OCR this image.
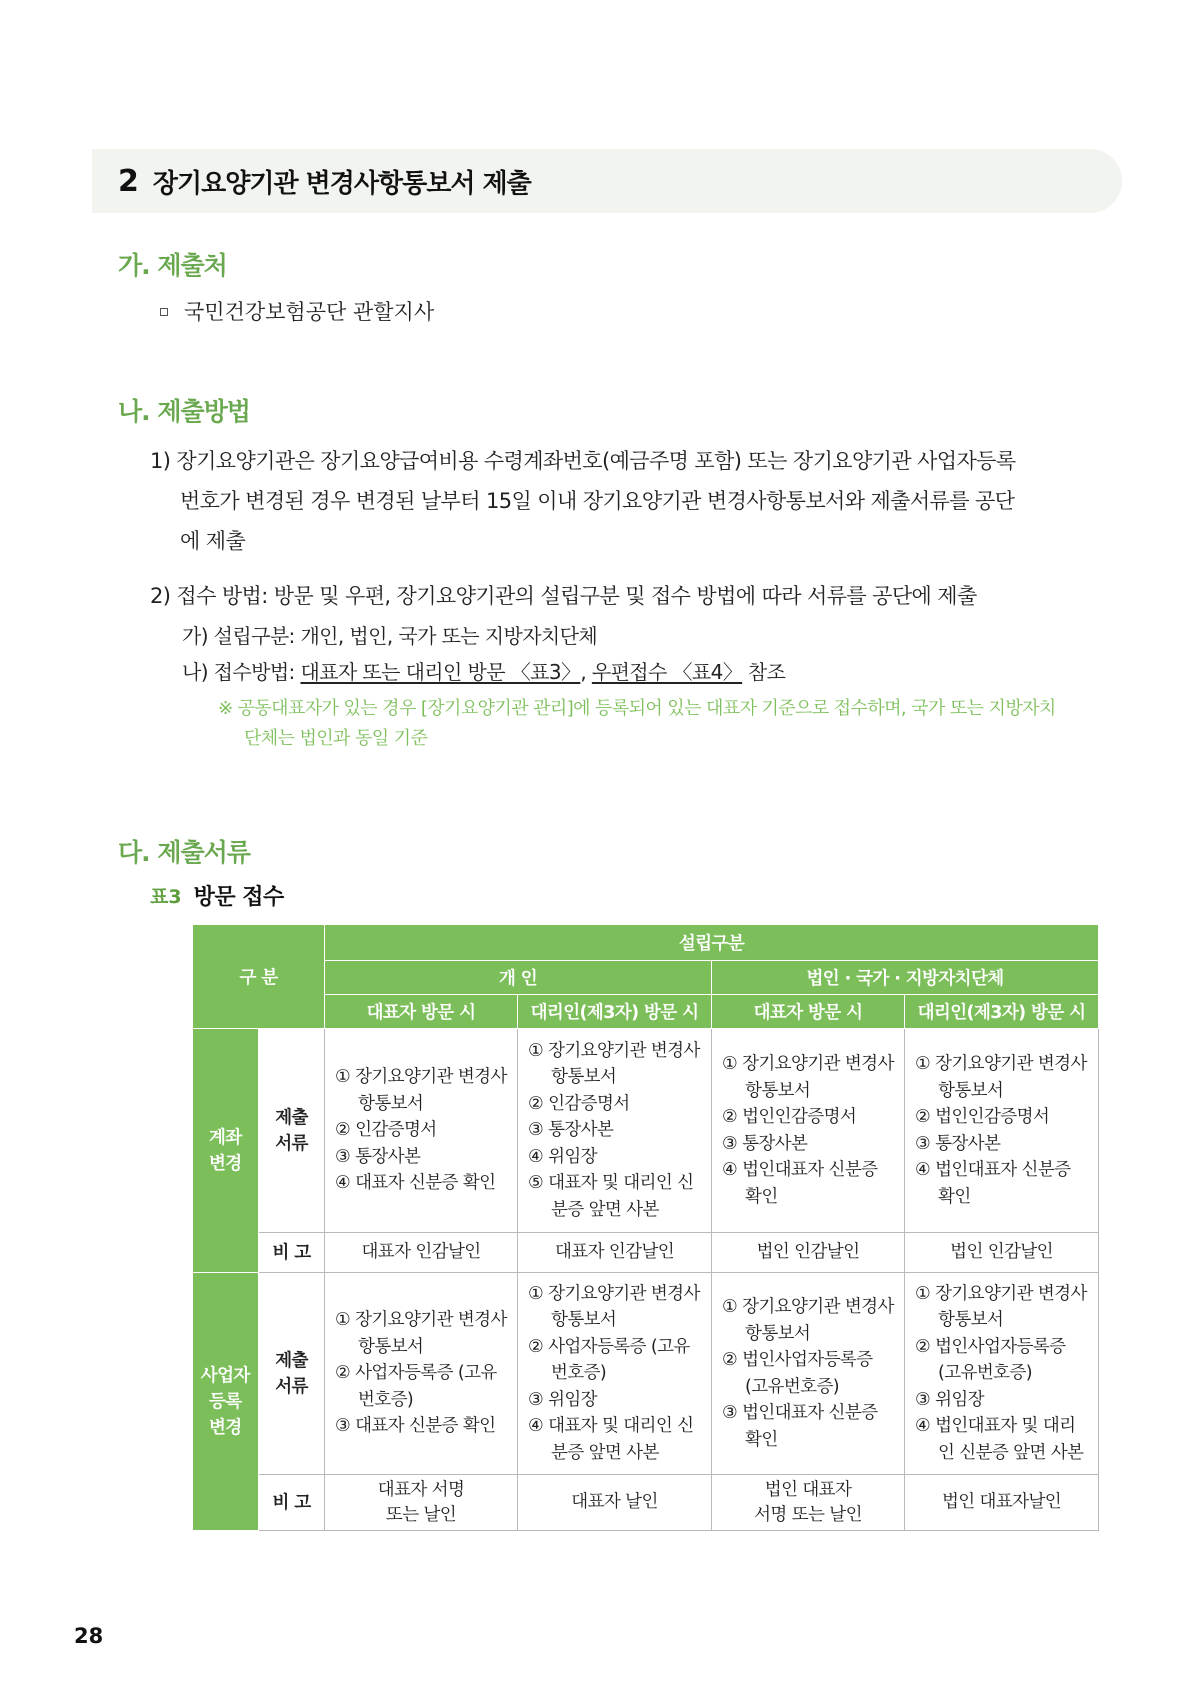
2 장기요양기관 변경사항통보서 제출
가. 제출처
국민건강보험공단 관할지사
나. 제출방법
1) 장기요양기관은 장기요양급여비용 수령계좌번호(예금주명 포함) 또는 장기요양기관 사업자등록
번호가 변경된 경우 변경된 날부터 15일 이내 장기요양기관 변경사항통보서와 제출서류를 공단
에 제출
2) 접수 방법: 방문 및 우편, 장기요양기관의 설립구분 및 접수 방법에 따라 서류를 공단에 제출
가) 설립구분: 개인, 법인, 국가 또는 지방자치단체
나) 접수방법: 대표자 또는 대리인 방문 〈표3〉, 우편접수 〈표4〉 참조
※ 공동대표자가 있는 경우 [장기요양기관 관리]에 등록되어 있는 대표자 기준으로 접수하며, 국가 또는 지방자치
단체는 법인과 동일 기준
다. 제출서류
표3 방문 접수
구 분		설립구분			
		개 인		법인 · 국가 · 지방자치단체	
		대표자 방문 시	대리인(제3자) 방문 시	대표자 방문 시	대리인(제3자) 방문 시

계좌
변경	제출
서류	① 장기요양기관 변경사항통보서
② 인감증명서
③ 통장사본
④ 대표자 신분증 확인	① 장기요양기관 변경사항통보서
② 인감증명서
③ 통장사본
④ 위임장
⑤ 대표자 및 대리인 신분증 앞면 사본	① 장기요양기관 변경사항통보서
② 법인인감증명서
③ 통장사본
④ 법인대표자 신분증 확인	① 장기요양기관 변경사항통보서
② 법인인감증명서
③ 통장사본
④ 법인대표자 신분증 확인

	비 고	대표자 인감날인	대표자 인감날인	법인 인감날인	법인 인감날인

사업자
등록
변경	제출
서류	① 장기요양기관 변경사항통보서
② 사업자등록증 (고유번호증)
③ 대표자 신분증 확인	① 장기요양기관 변경사항통보서
② 사업자등록증 (고유번호증)
③ 위임장
④ 대표자 및 대리인 신분증 앞면 사본	① 장기요양기관 변경사항통보서
② 법인사업자등록증 (고유번호증)
③ 법인대표자 신분증 확인	① 장기요양기관 변경사항통보서
② 법인사업자등록증 (고유번호증)
③ 위임장
④ 법인대표자 및 대리인 신분증 앞면 사본

	비 고	대표자 서명
또는 날인	대표자 날인	법인 대표자
서명 또는 날인	법인 대표자날인
28
